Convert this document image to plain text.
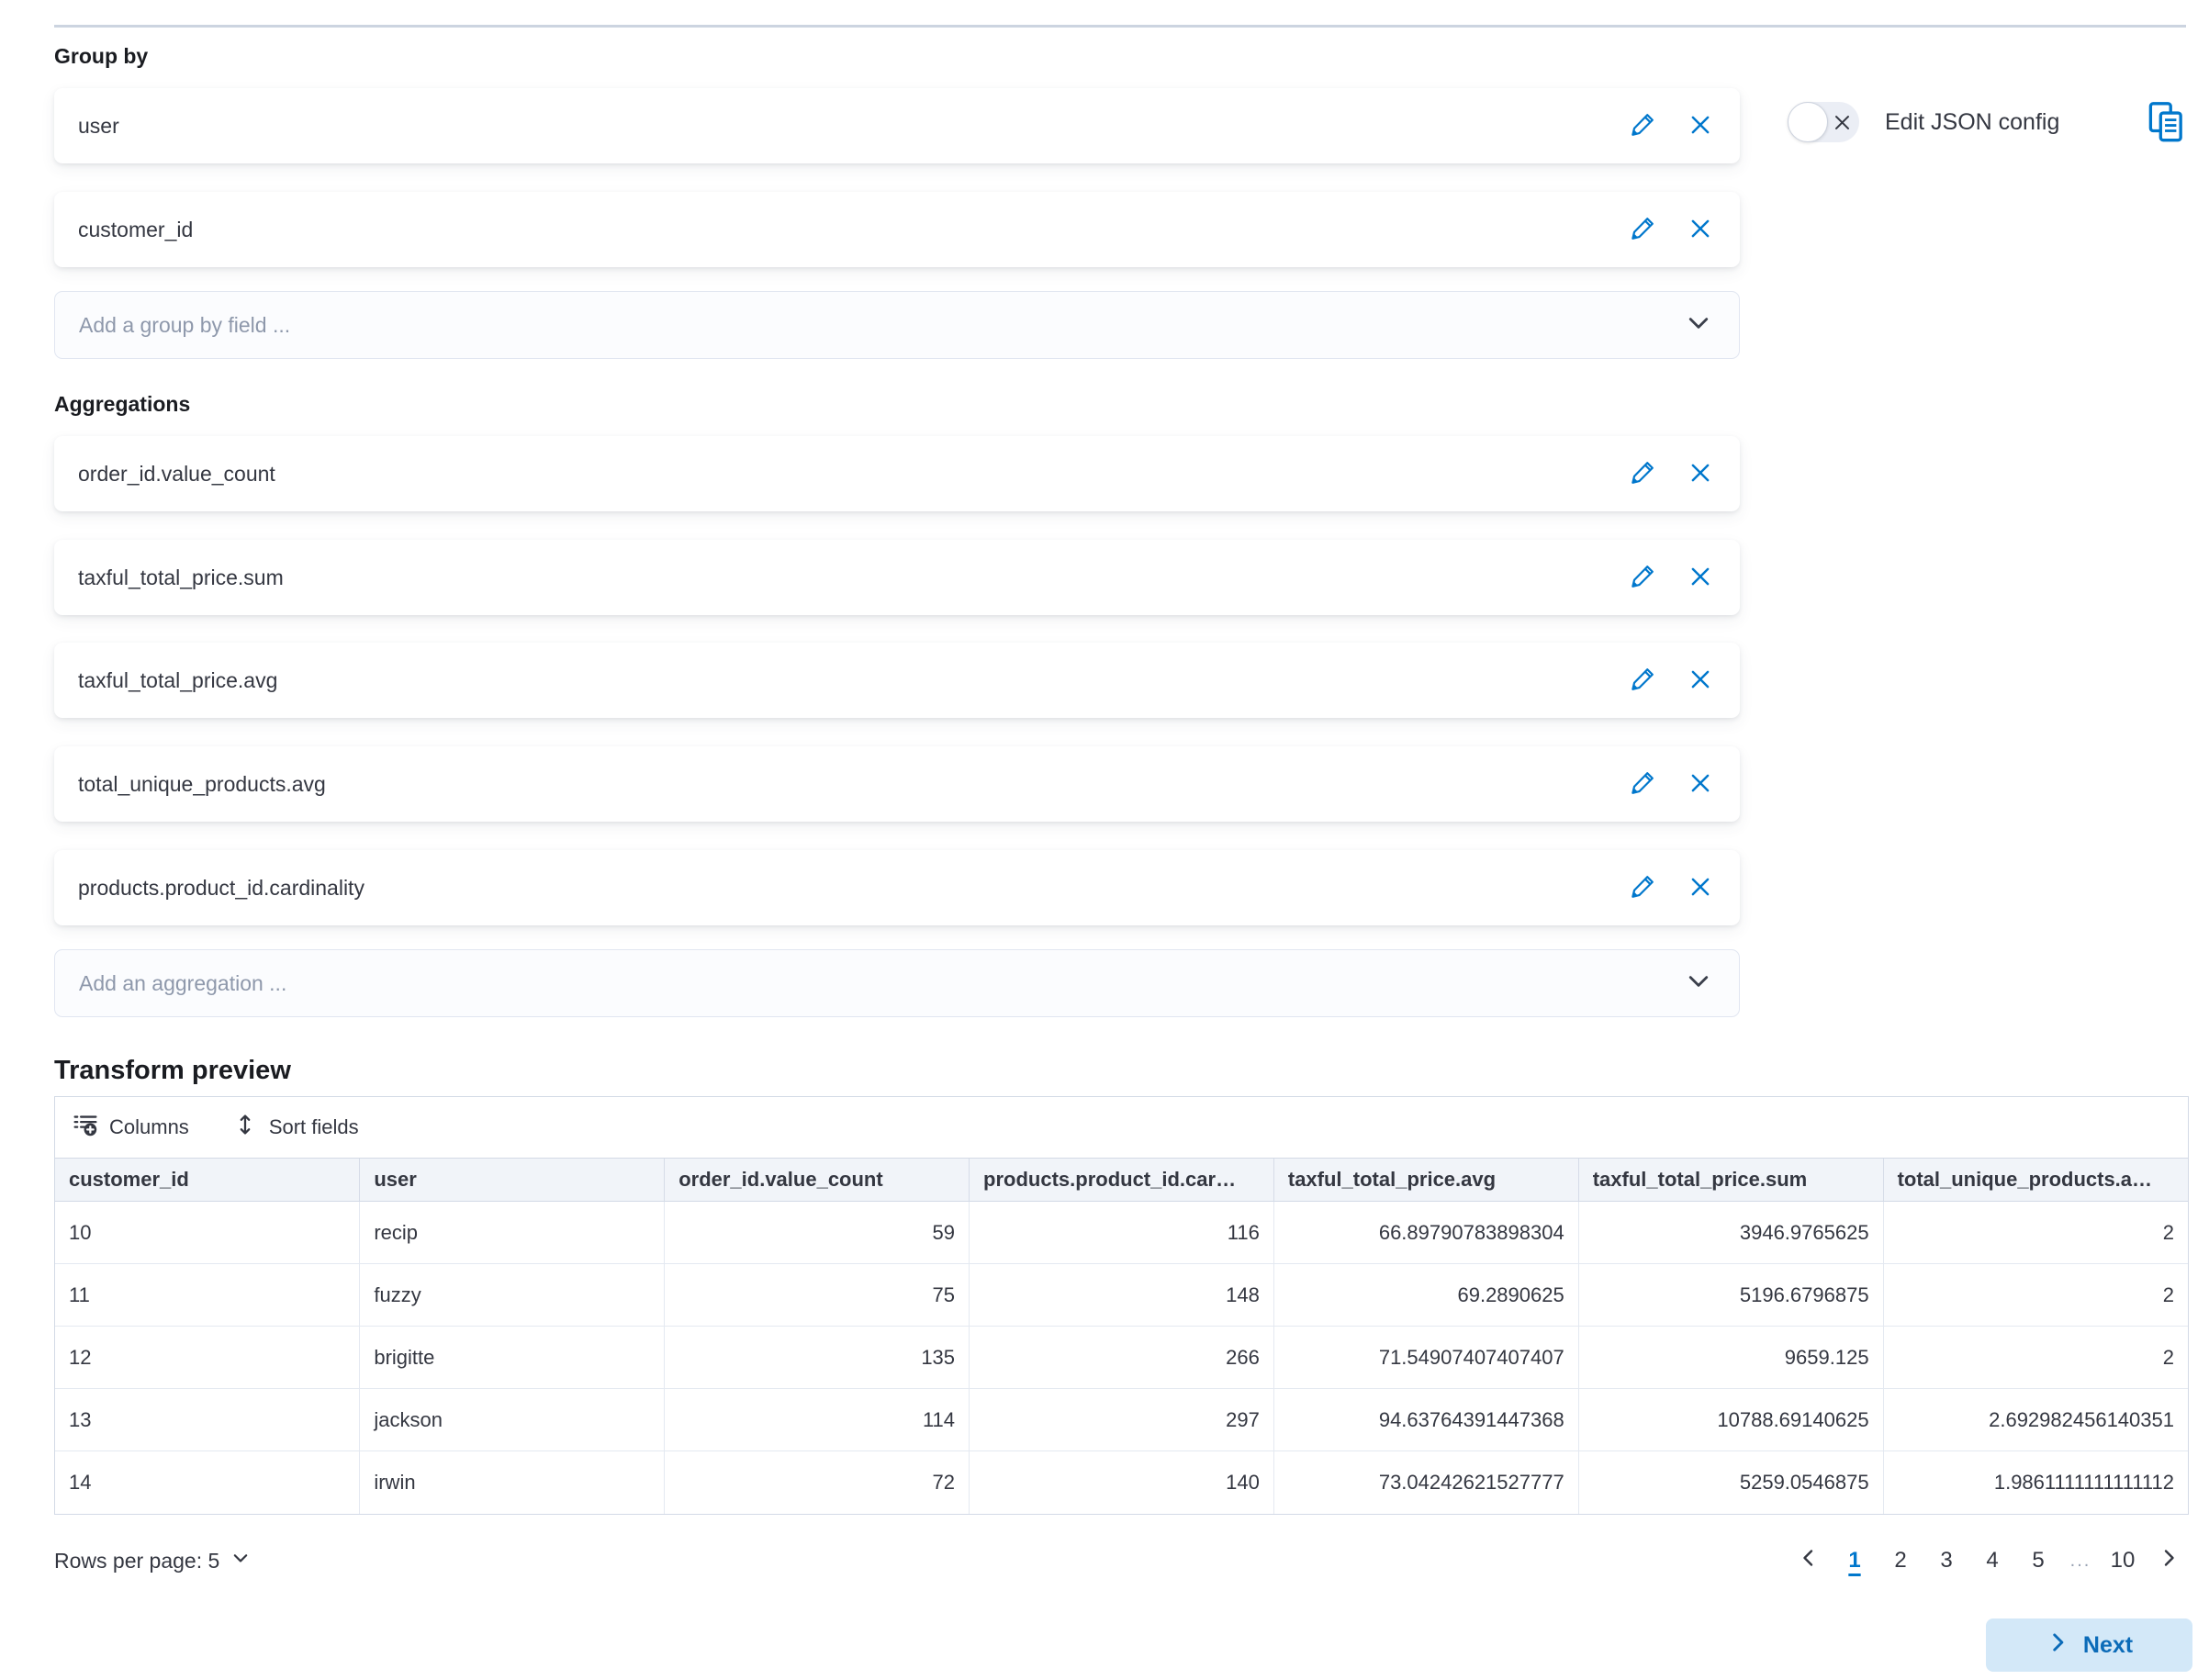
Group by
user
customer_id
Add a group by field ...
Aggregations
order_id.value_count
taxful_total_price.sum
taxful_total_price.avg
total_unique_products.avg
products.product_id.cardinality
Add an aggregation ...
Edit JSON config
Transform preview
Columns	Sort fields
customer_id	user	order_id.value_count	products.product_id.car…	taxful_total_price.avg	taxful_total_price.sum	total_unique_products.a…
10	recip	59	116	66.89790783898304	3946.9765625	2
11	fuzzy	75	148	69.2890625	5196.6796875	2
12	brigitte	135	266	71.54907407407407	9659.125	2
13	jackson	114	297	94.63764391447368	10788.69140625	2.692982456140351
14	irwin	72	140	73.04242621527777	5259.0546875	1.9861111111111112
Rows per page: 5	1	2	3	4	5	... 10
Next
